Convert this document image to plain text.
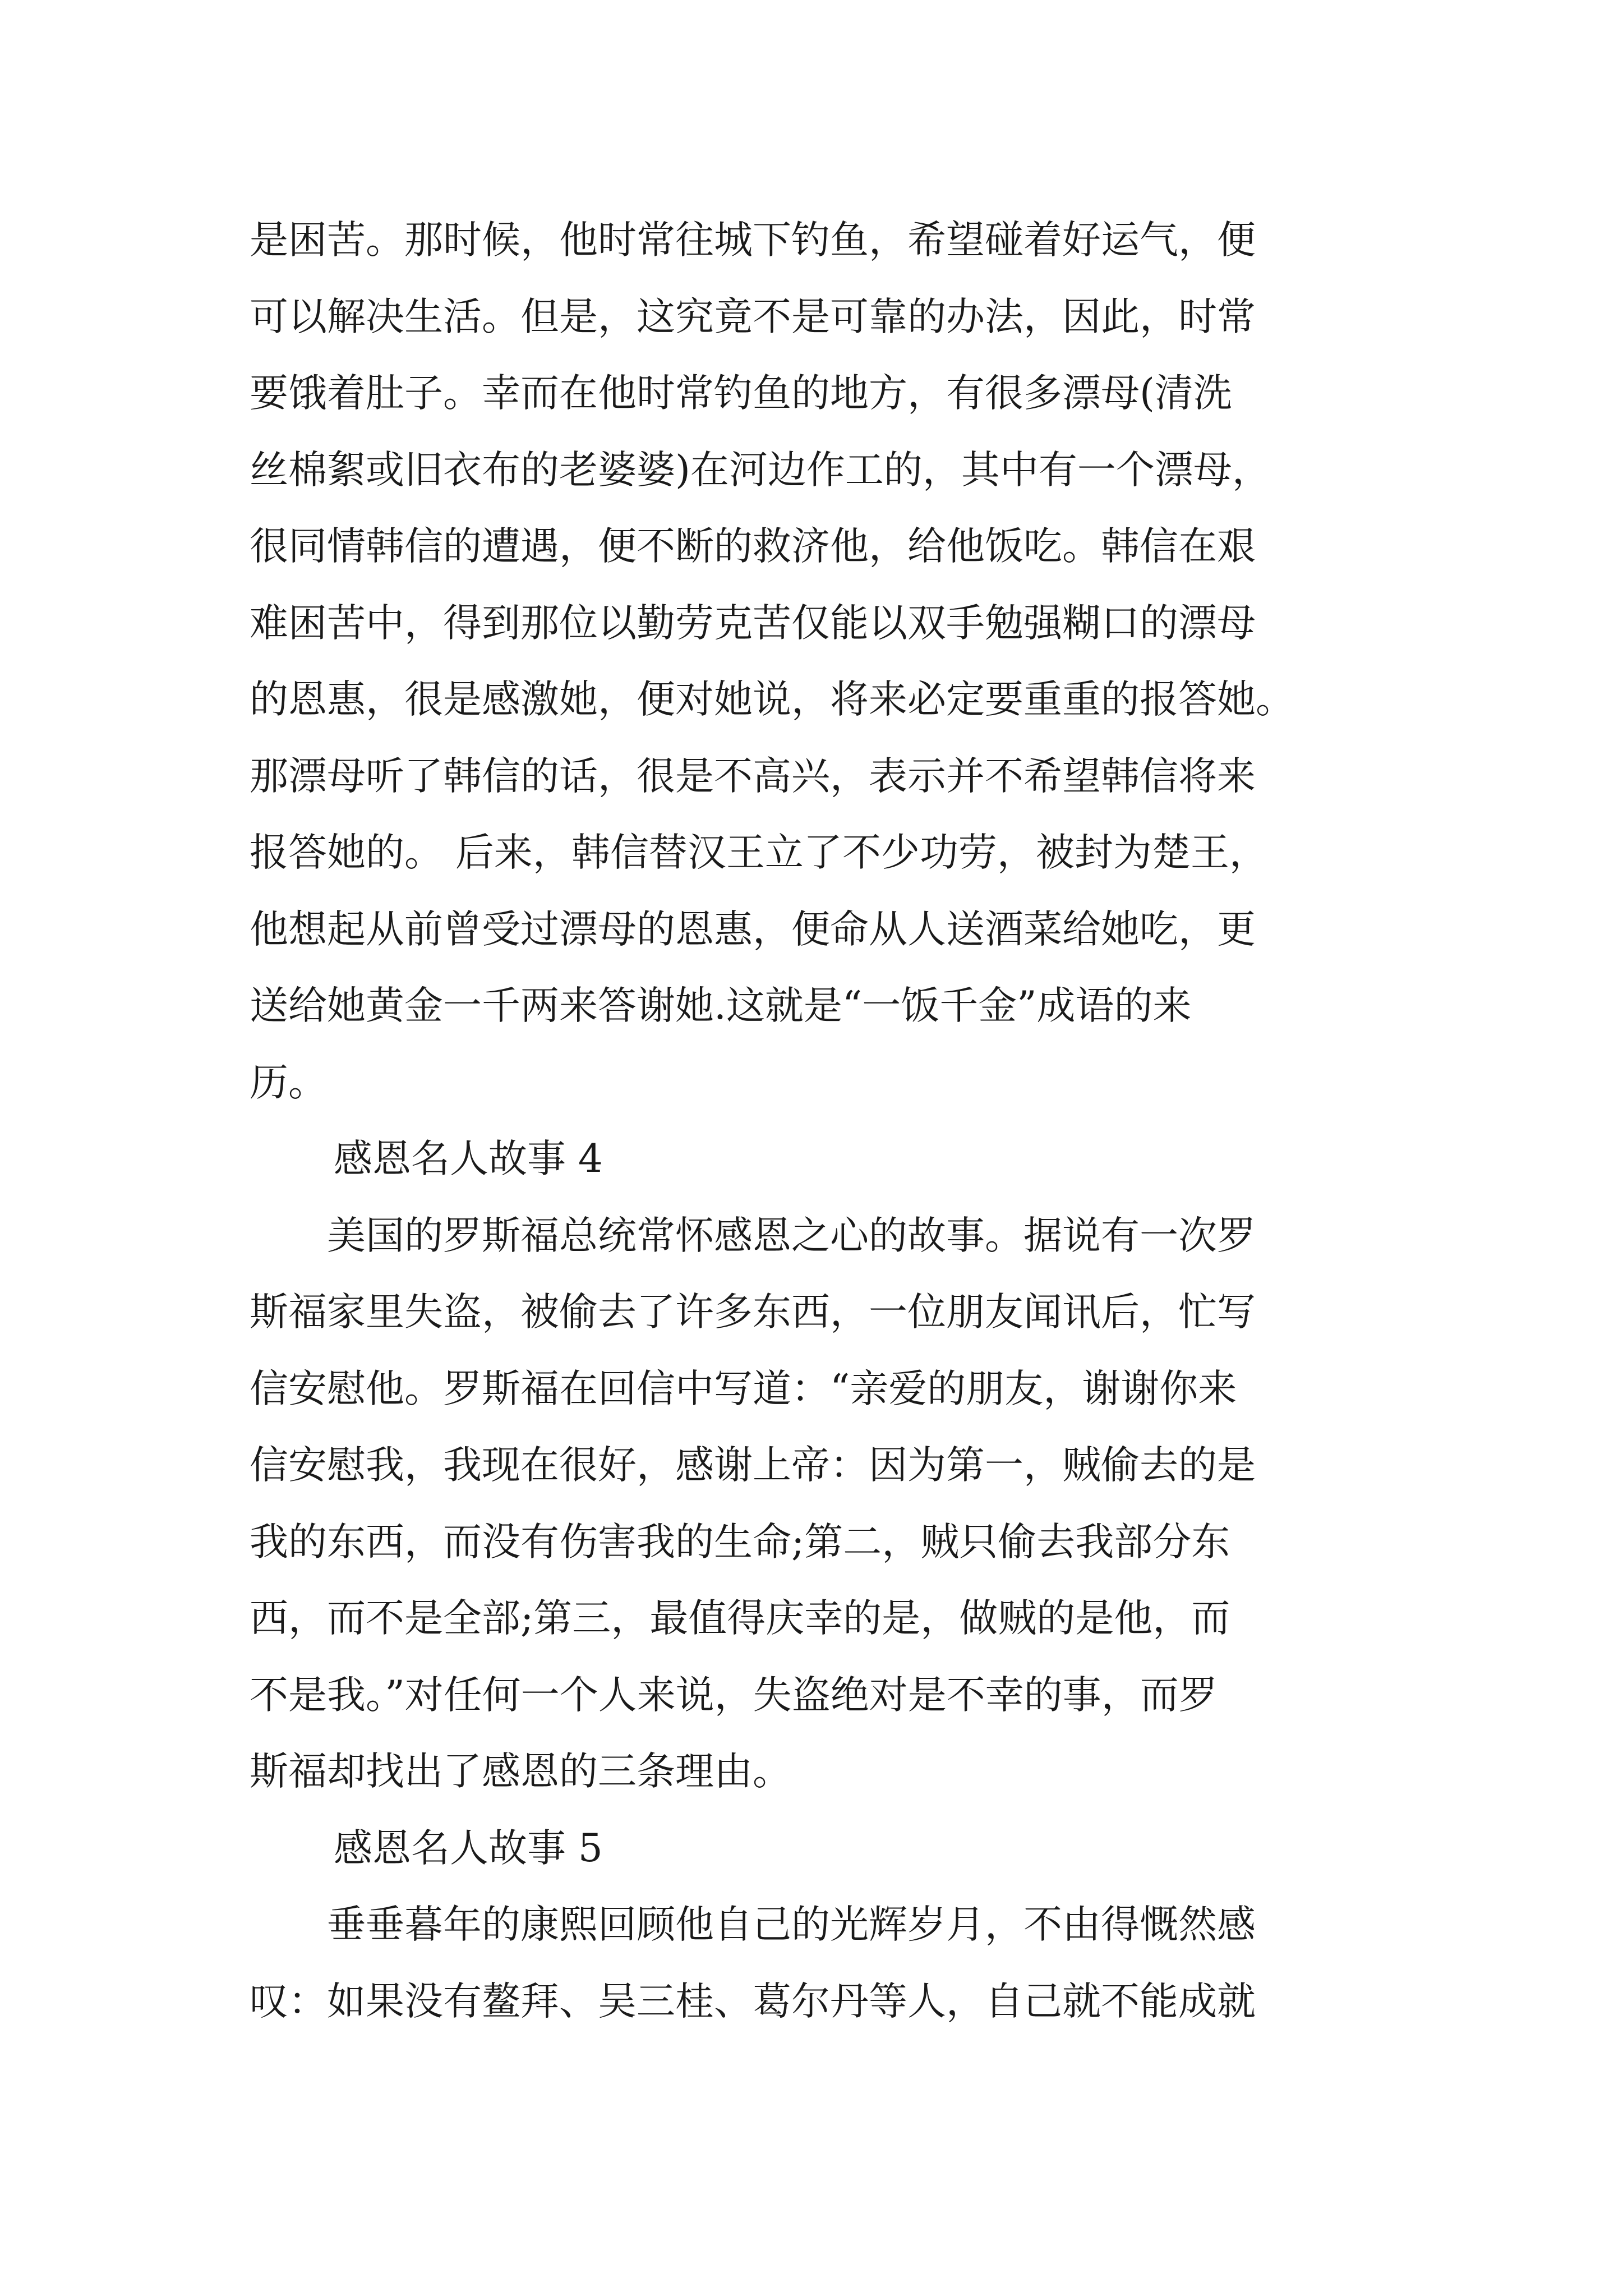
是困苦。那时候，他时常往城下钓鱼，希望碰着好运气，便
可以解决生活。但是，这究竟不是可靠的办法，因此，时常
要饿着肚子。幸而在他时常钓鱼的地方，有很多漂母(清洗
丝棉絮或旧衣布的老婆婆)在河边作工的，其中有一个漂母，
很同情韩信的遭遇，便不断的救济他，给他饭吃。韩信在艰
难困苦中，得到那位以勤劳克苦仅能以双手勉强糊口的漂母
的恩惠，很是感激她，便对她说，将来必定要重重的报答她。
那漂母听了韩信的话，很是不高兴，表示并不希望韩信将来
报答她的。 后来，韩信替汉王立了不少功劳，被封为楚王，
他想起从前曾受过漂母的恩惠，便命从人送酒菜给她吃，更
送给她黄金一千两来答谢她.这就是“一饭千金”成语的来
历。
感恩名人故事 4
　　美国的罗斯福总统常怀感恩之心的故事。据说有一次罗
斯福家里失盗，被偷去了许多东西，一位朋友闻讯后，忙写
信安慰他。罗斯福在回信中写道：“亲爱的朋友，谢谢你来
信安慰我，我现在很好，感谢上帝：因为第一，贼偷去的是
我的东西，而没有伤害我的生命;第二，贼只偷去我部分东
西，而不是全部;第三，最值得庆幸的是，做贼的是他，而
不是我。”对任何一个人来说，失盗绝对是不幸的事，而罗
斯福却找出了感恩的三条理由。
感恩名人故事 5
　　垂垂暮年的康熙回顾他自己的光辉岁月，不由得慨然感
叹：如果没有鳌拜、吴三桂、葛尔丹等人，自己就不能成就
